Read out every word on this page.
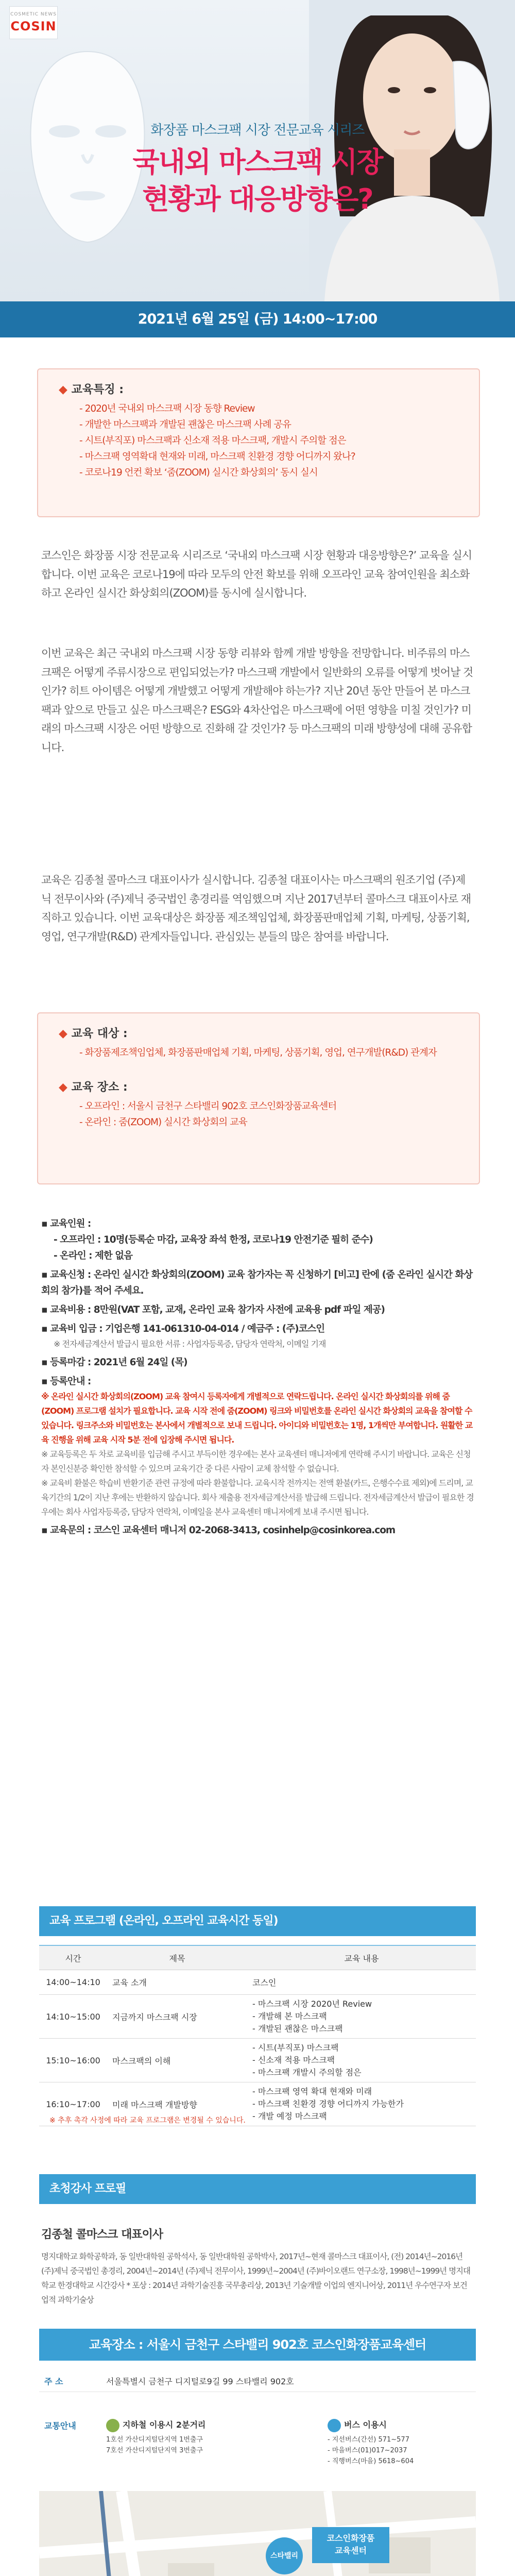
COSMETIC NEWS
COSIN
화장품 마스크팩 시장 전문교육 시리즈
국내외 마스크팩 시장
현황과 대응방향은?
2021년 6월 25일 (금) 14:00~17:00
◆ 교육특징 :
- 2020년 국내외 마스크팩 시장 동향 Review
- 개발한 마스크팩과 개발된 괜찮은 마스크팩 사례 공유
- 시트(부직포) 마스크팩과 신소재 적용 마스크팩, 개발시 주의할 점은
- 마스크팩 영역확대 현재와 미래, 마스크팩 친환경 경향 어디까지 왔나?
- 코로나19 언컨 확보 ‘줌(ZOOM) 실시간 화상회의’ 동시 실시

코스인은 화장품 시장 전문교육 시리즈로 ‘국내외 마스크팩 시장 현황과 대응방향은?’ 교육을 실시합니다. 이번 교육은 코로나19에 따라 모두의 안전 확보를 위해 오프라인 교육 참여인원을 최소화하고 온라인 실시간 화상회의(ZOOM)를 동시에 실시합니다.

이번 교육은 최근 국내외 마스크팩 시장 동향 리뷰와 함께 개발 방향을 전망합니다. 비주류의 마스크팩은 어떻게 주류시장으로 편입되었는가? 마스크팩 개발에서 일반화의 오류를 어떻게 벗어날 것인가? 히트 아이템은 어떻게 개발했고 어떻게 개발해야 하는가? 지난 20년 동안 만들어 본 마스크팩과 앞으로 만들고 싶은 마스크팩은? ESG와 4차산업은 마스크팩에 어떤 영향을 미칠 것인가? 미래의 마스크팩 시장은 어떤 방향으로 진화해 갈 것인가? 등 마스크팩의 미래 방향성에 대해 공유합니다.

교육은 김종철 콜마스크 대표이사가 실시합니다. 김종철 대표이사는 마스크팩의 원조기업 (주)제닉 전무이사와 (주)제닉 중국법인 총경리를 역임했으며 지난 2017년부터 콜마스크 대표이사로 재직하고 있습니다. 이번 교육대상은 화장품 제조책임업체, 화장품판매업체 기획, 마케팅, 상품기획, 영업, 연구개발(R&D) 관계자들입니다. 관심있는 분들의 많은 참여를 바랍니다.

◆ 교육 대상 :
- 화장품제조책임업체, 화장품판매업체 기획, 마케팅, 상품기획, 영업, 연구개발(R&D) 관계자
◆ 교육 장소 :
- 오프라인 : 서울시 금천구 스타밸리 902호 코스인화장품교육센터
- 온라인 : 줌(ZOOM) 실시간 화상회의 교육
▪ 교육인원 :
- 오프라인 : 10명(등록순 마감, 교육장 좌석 한정, 코로나19 안전기준 필히 준수)
- 온라인 : 제한 없음
▪ 교육신청 : 온라인 실시간 화상회의(ZOOM) 교육 참가자는 꼭 신청하기 [비고] 란에 (줌 온라인 실시간 화상회의 참가)를 적어 주세요.
▪ 교육비용 : 8만원(VAT 포함, 교재, 온라인 교육 참가자 사전에 교육용 pdf 파일 제공)
▪ 교육비 입금 : 기업은행 141-061310-04-014 / 예금주 : (주)코스인
※ 전자세금계산서 발급시 필요한 서류 : 사업자등록증, 담당자 연락처, 이메일 기재
▪ 등록마감 : 2021년 6월 24일 (목)
▪ 등록안내 :
※ 온라인 실시간 화상회의(ZOOM) 교육 참여시 등록자에게 개별적으로 연락드립니다. 온라인 실시간 화상회의를 위해 줌(ZOOM) 프로그램 설치가 필요합니다. 교육 시작 전에 줌(ZOOM) 링크와 비밀번호를 온라인 실시간 화상회의 교육을 참여할 수 있습니다. 링크주소와 비밀번호는 본사에서 개별적으로 보내 드립니다. 아이디와 비밀번호는 1명, 1개씩만 부여합니다. 원활한 교육 진행을 위해 교육 시작 5분 전에 입장해 주시면 됩니다.
※ 교육등록은 두 차로 교육비를 입금해 주시고 부득이한 경우에는 본사 교육센터 매니저에게 연락해 주시기 바랍니다. 교육은 신청자 본인신분증 확인한 참석할 수 있으며 교육기간 중 다른 사람이 교체 참석할 수 없습니다.
※ 교육비 환불은 학습비 반환기준 관련 규정에 따라 환불합니다. 교육시작 전까지는 전액 환불(카드, 은행수수료 제외)에 드리며, 교육기간의 1/2이 지난 후에는 반환하지 않습니다. 회사 제출용 전자세금계산서를 발급해 드립니다. 전자세금계산서 발급이 필요한 경우에는 회사 사업자등록증, 담당자 연락처, 이메일을 본사 교육센터 매니저에게 보내 주시면 됩니다.
▪ 교육문의 : 코스인 교육센터 매니저 02-2068-3413, cosinhelp@cosinkorea.com
교육 프로그램 (온라인, 오프라인 교육시간 동일)
시간	제목	교육 내용
14:00~14:10	교육 소개	코스인
14:10~15:00	지금까지 마스크팩 시장	- 마스크팩 시장 2020년 Review
- 개발해 본 마스크팩
- 개발된 괜찮은 마스크팩

15:10~16:00	마스크팩의 이해	- 시트(부직포) 마스크팩
- 신소재 적용 마스크팩
- 마스크팩 개발시 주의할 점은

16:10~17:00	미래 마스크팩 개발방향	- 마스크팩 영역 확대 현재와 미래
- 마스크팩 친환경 경향 어디까지 가능한가
- 개발 예정 마스크팩
※ 추후 촉각 사정에 따라 교육 프로그램은 변경될 수 있습니다.
초청강사 프로필
김종철 콜마스크 대표이사

명지대학교 화학공학과, 동 일반대학원 공학석사, 동 일반대학원 공학박사, 2017년~현재 콜마스크 대표이사, (전) 2014년~2016년 (주)제닉 중국법인 총경리, 2004년~2014년 (주)제닉 전무이사, 1999년~2004년 (주)바이오랜드 연구소장, 1998년~1999년 명지대학교 한경대학교 시간강사 * 포상 : 2014년 과학기술진흥 국무총리상, 2013년 기술개발 이업의 엔지니어상, 2011년 우수연구자 보건 업적 과학기술상

교육장소 : 서울시 금천구 스타밸리 902호 코스인화장품교육센터
주 소	서울특별시 금천구 디지털로9길 99 스타밸리 902호
교통안내	지하철 이용시 2분거리
1호선 가산디지털단지역 1번출구
7호선 가산디지털단지역 3번출구
버스 이용시
- 지선버스(간선) 571~577
- 마을버스(01)017~2037
- 직행버스(마을) 5618~604
스타밸리
코스인화장품
교육센터
